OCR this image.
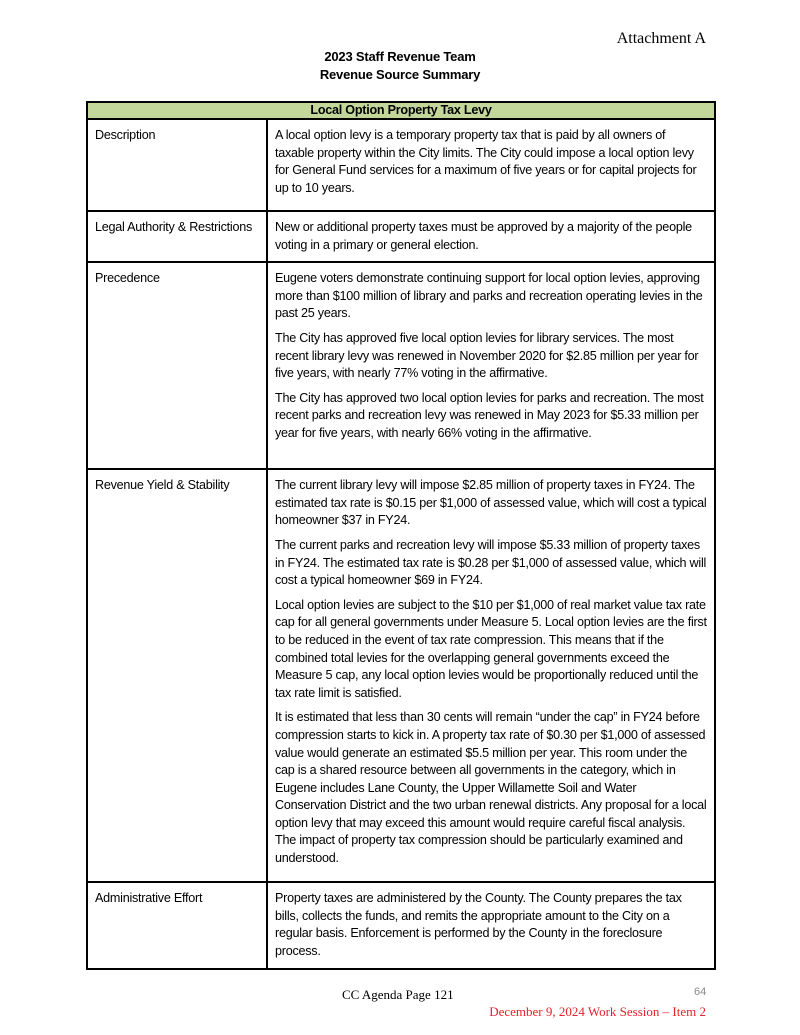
Attachment A
2023 Staff Revenue Team
Revenue Source Summary
Local Option Property Tax Levy	
Description	A local option levy is a temporary property tax that is paid by all owners of taxable property within the City limits. The City could impose a local option levy for General Fund services for a maximum of five years or for capital projects for up to 10 years.

Legal Authority & Restrictions	New or additional property taxes must be approved by a majority of the people voting in a primary or general election.

Precedence	Eugene voters demonstrate continuing support for local option levies, approving more than $100 million of library and parks and recreation operating levies in the past 25 years.

The City has approved five local option levies for library services. The most recent library levy was renewed in November 2020 for $2.85 million per year for five years, with nearly 77% voting in the affirmative.

The City has approved two local option levies for parks and recreation. The most recent parks and recreation levy was renewed in May 2023 for $5.33 million per year for five years, with nearly 66% voting in the affirmative.

Revenue Yield & Stability	The current library levy will impose $2.85 million of property taxes in FY24. The estimated tax rate is $0.15 per $1,000 of assessed value, which will cost a typical homeowner $37 in FY24.

The current parks and recreation levy will impose $5.33 million of property taxes in FY24. The estimated tax rate is $0.28 per $1,000 of assessed value, which will cost a typical homeowner $69 in FY24.

Local option levies are subject to the $10 per $1,000 of real market value tax rate cap for all general governments under Measure 5. Local option levies are the first to be reduced in the event of tax rate compression. This means that if the combined total levies for the overlapping general governments exceed the Measure 5 cap, any local option levies would be proportionally reduced until the tax rate limit is satisfied.

It is estimated that less than 30 cents will remain “under the cap” in FY24 before compression starts to kick in. A property tax rate of $0.30 per $1,000 of assessed value would generate an estimated $5.5 million per year. This room under the cap is a shared resource between all governments in the category, which in Eugene includes Lane County, the Upper Willamette Soil and Water Conservation District and the two urban renewal districts. Any proposal for a local option levy that may exceed this amount would require careful fiscal analysis. The impact of property tax compression should be particularly examined and understood.

Administrative Effort	Property taxes are administered by the County. The County prepares the tax bills, collects the funds, and remits the appropriate amount to the City on a regular basis. Enforcement is performed by the County in the foreclosure process.

CC Agenda Page 121	64
December 9, 2024 Work Session – Item 2
